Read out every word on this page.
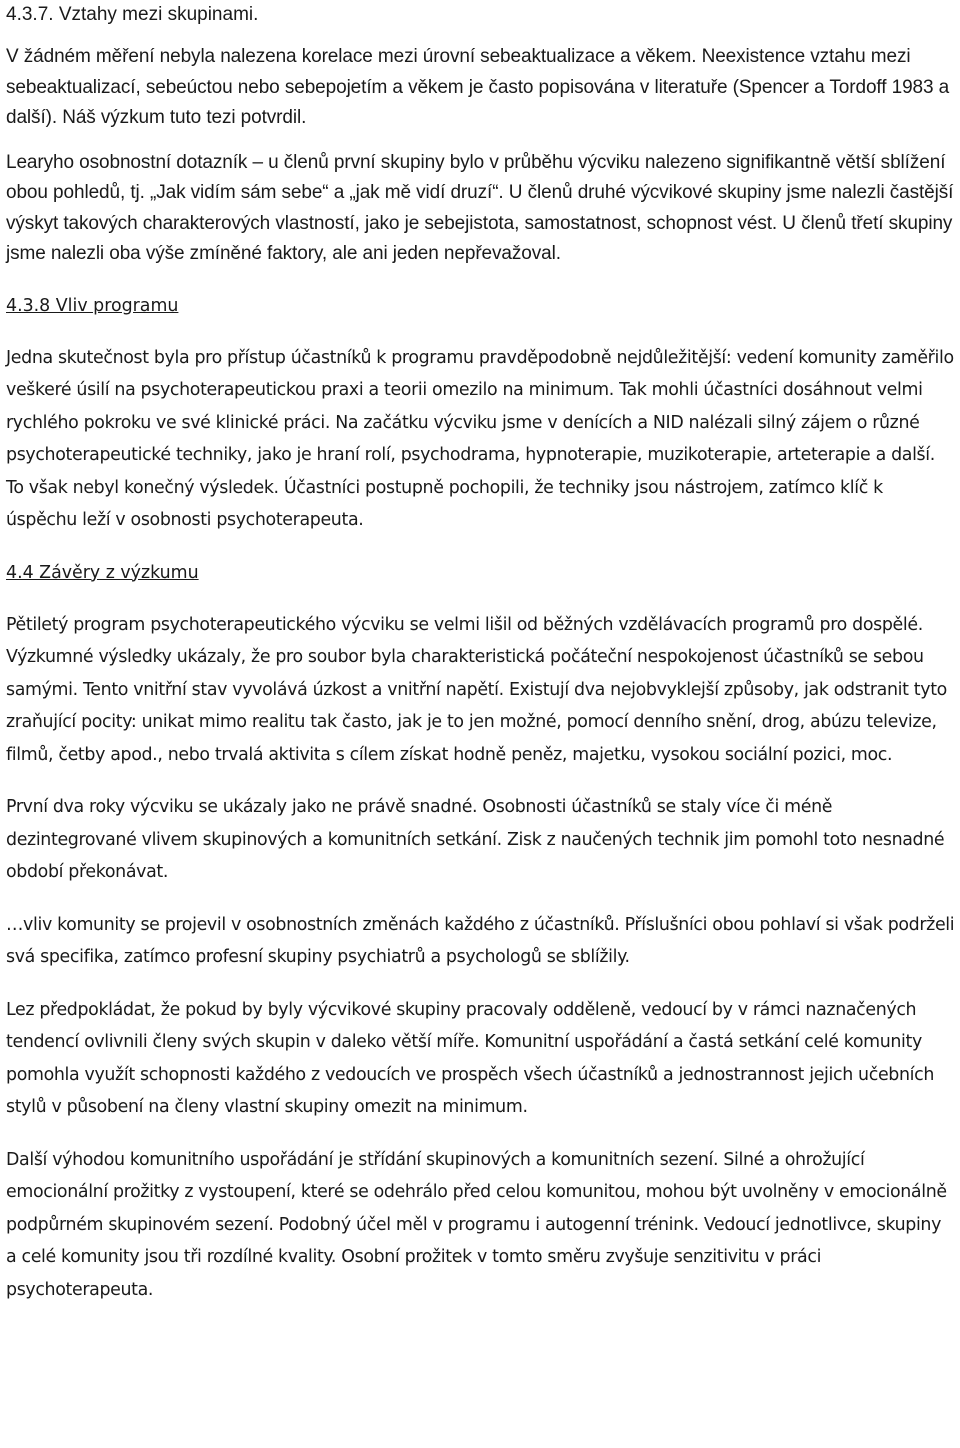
4.3.7. Vztahy mezi skupinami.

V žádném měření nebyla nalezena korelace mezi úrovní sebeaktualizace a věkem. Neexistence vztahu mezi sebeaktualizací, sebeúctou nebo sebepojetím a věkem je často popisována v literatuře (Spencer a Tordoff 1983 a další). Náš výzkum tuto tezi potvrdil.

Learyho osobnostní dotazník – u členů první skupiny bylo v průběhu výcviku nalezeno signifikantně větší sblížení obou pohledů, tj. „Jak vidím sám sebe“ a „jak mě vidí druzí“. U členů druhé výcvikové skupiny jsme nalezli častější výskyt takových charakterových vlastností, jako je sebejistota, samostatnost, schopnost vést. U členů třetí skupiny jsme nalezli oba výše zmíněné faktory, ale ani jeden nepřevažoval.

4.3.8 Vliv programu

Jedna skutečnost byla pro přístup účastníků k programu pravděpodobně nejdůležitější: vedení komunity zaměřilo veškeré úsilí na psychoterapeutickou praxi a teorii omezilo na minimum. Tak mohli účastníci dosáhnout velmi rychlého pokroku ve své klinické práci. Na začátku výcviku jsme v denících a NID nalézali silný zájem o různé psychoterapeutické techniky, jako je hraní rolí, psychodrama, hypnoterapie, muzikoterapie, arteterapie a další. To však nebyl konečný výsledek. Účastníci postupně pochopili, že techniky jsou nástrojem, zatímco klíč k úspěchu leží v osobnosti psychoterapeuta.

4.4 Závěry z výzkumu

Pětiletý program psychoterapeutického výcviku se velmi lišil od běžných vzdělávacích programů pro dospělé. Výzkumné výsledky ukázaly, že pro soubor byla charakteristická počáteční nespokojenost účastníků se sebou samými. Tento vnitřní stav vyvolává úzkost a vnitřní napětí. Existují dva nejobvyklejší způsoby, jak odstranit tyto zraňující pocity: unikat mimo realitu tak často, jak je to jen možné, pomocí denního snění, drog, abúzu televize, filmů, četby apod., nebo trvalá aktivita s cílem získat hodně peněz, majetku, vysokou sociální pozici, moc.

První dva roky výcviku se ukázaly jako ne právě snadné. Osobnosti účastníků se staly více či méně dezintegrované vlivem skupinových a komunitních setkání. Zisk z naučených technik jim pomohl toto nesnadné období překonávat.

…vliv komunity se projevil v osobnostních změnách každého z účastníků. Příslušníci obou pohlaví si však podrželi svá specifika, zatímco profesní skupiny psychiatrů a psychologů se sblížily.

Lez předpokládat, že pokud by byly výcvikové skupiny pracovaly odděleně, vedoucí by v rámci naznačených tendencí ovlivnili členy svých skupin v daleko větší míře. Komunitní uspořádání a častá setkání celé komunity pomohla využít schopnosti každého z vedoucích ve prospěch všech účastníků a jednostrannost jejich učebních stylů v působení na členy vlastní skupiny omezit na minimum.

Další výhodou komunitního uspořádání je střídání skupinových a komunitních sezení. Silné a ohrožující emocionální prožitky z vystoupení, které se odehrálo před celou komunitou, mohou být uvolněny v emocionálně podpůrném skupinovém sezení. Podobný účel měl v programu i autogenní trénink. Vedoucí jednotlivce, skupiny a celé komunity jsou tři rozdílné kvality. Osobní prožitek v tomto směru zvyšuje senzitivitu v práci psychoterapeuta.
